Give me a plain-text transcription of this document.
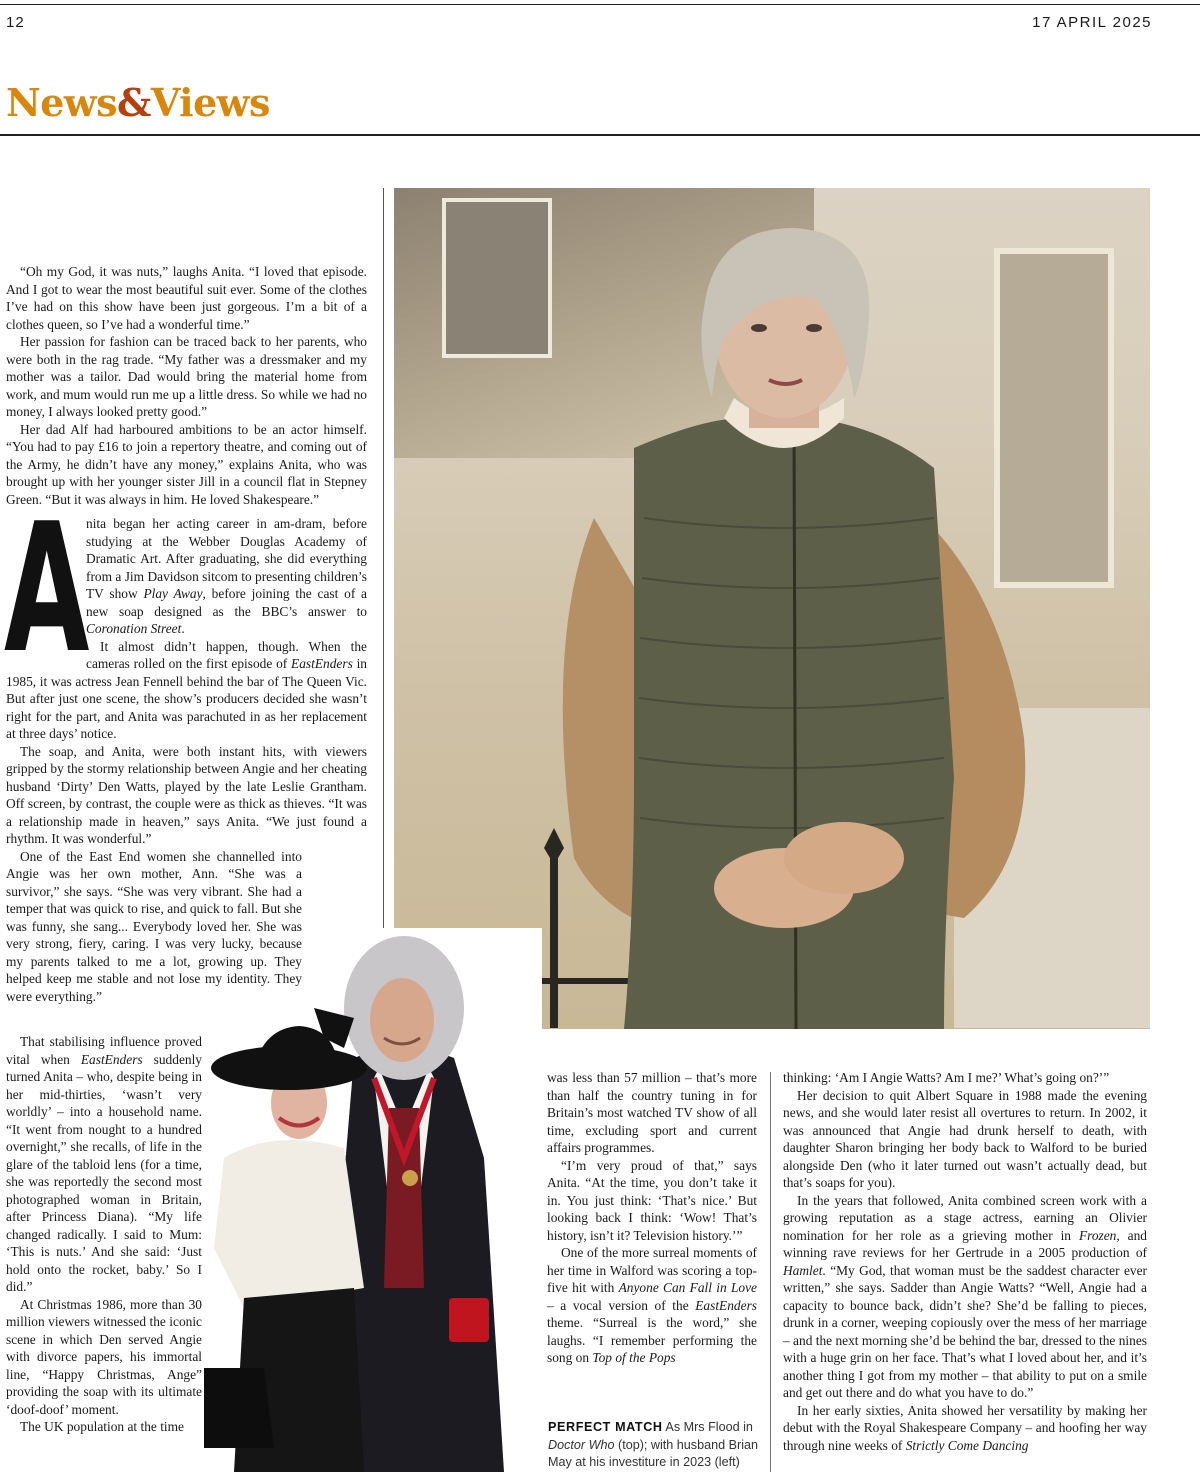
12	17 APRIL 2025
News&Views

“Oh my God, it was nuts,” laughs Anita. “I loved that episode. And I got to wear the most beautiful suit ever. Some of the clothes I’ve had on this show have been just gorgeous. I’m a bit of a clothes queen, so I’ve had a wonderful time.”

Her passion for fashion can be traced back to her parents, who were both in the rag trade. “My father was a dressmaker and my mother was a tailor. Dad would bring the material home from work, and mum would run me up a little dress. So while we had no money, I always looked pretty good.”

Her dad Alf had harboured ambitions to be an actor himself. “You had to pay £16 to join a repertory theatre, and coming out of the Army, he didn’t have any money,” explains Anita, who was brought up with her younger sister Jill in a council flat in Stepney Green. “But it was always in him. He loved Shakespeare.”

A
nita began her acting career in am-dram, before studying at the Webber Douglas Academy of Dramatic Art. After graduating, she did everything from a Jim Davidson sitcom to presenting children’s TV show Play Away, before joining the cast of a new soap designed as the BBC’s answer to Coronation Street.

It almost didn’t happen, though. When the cameras rolled on the first episode of EastEnders in 1985, it was actress Jean Fennell behind the bar of The Queen Vic. But after just one scene, the show’s producers decided she wasn’t right for the part, and Anita was parachuted in as her replacement at three days’ notice.

The soap, and Anita, were both instant hits, with viewers gripped by the stormy relationship between Angie and her cheating husband ‘Dirty’ Den Watts, played by the late Leslie Grantham. Off screen, by contrast, the couple were as thick as thieves. “It was a relationship made in heaven,” says Anita. “We just found a rhythm. It was wonderful.”

One of the East End women she channelled into Angie was her own mother, Ann. “She was a survivor,” she says. “She was very vibrant. She had a temper that was quick to rise, and quick to fall. But she was funny, she sang... Everybody loved her. She was very strong, fiery, caring. I was very lucky, because my parents talked to me a lot, growing up. They helped keep me stable and not lose my identity. They were everything.”

That stabilising influence proved vital when EastEnders suddenly turned Anita – who, despite being in her mid-thirties, ‘wasn’t very worldly’ – into a household name. “It went from nought to a hundred overnight,” she recalls, of life in the glare of the tabloid lens (for a time, she was reportedly the second most photographed woman in Britain, after Princess Diana). “My life changed radically. I said to Mum: ‘This is nuts.’ And she said: ‘Just hold onto the rocket, baby.’ So I did.”

At Christmas 1986, more than 30 million viewers witnessed the iconic scene in which Den served Angie with divorce papers, his immortal line, “Happy Christmas, Ange” providing the soap with its ultimate ‘doof-doof’ moment.

The UK population at the time

was less than 57 million – that’s more than half the country tuning in for Britain’s most watched TV show of all time, excluding sport and current affairs programmes.

“I’m very proud of that,” says Anita. “At the time, you don’t take it in. You just think: ‘That’s nice.’ But looking back I think: ‘Wow! That’s history, isn’t it? Television history.’”

One of the more surreal moments of her time in Walford was scoring a top-five hit with Anyone Can Fall in Love – a vocal version of the EastEnders theme. “Surreal is the word,” she laughs. “I remember performing the song on Top of the Pops

PERFECT MATCH As Mrs Flood in Doctor Who (top); with husband Brian May at his investiture in 2023 (left)

thinking: ‘Am I Angie Watts? Am I me?’ What’s going on?’”

Her decision to quit Albert Square in 1988 made the evening news, and she would later resist all overtures to return. In 2002, it was announced that Angie had drunk herself to death, with daughter Sharon bringing her body back to Walford to be buried alongside Den (who it later turned out wasn’t actually dead, but that’s soaps for you).

In the years that followed, Anita combined screen work with a growing reputation as a stage actress, earning an Olivier nomination for her role as a grieving mother in Frozen, and winning rave reviews for her Gertrude in a 2005 production of Hamlet. “My God, that woman must be the saddest character ever written,” she says. Sadder than Angie Watts? “Well, Angie had a capacity to bounce back, didn’t she? She’d be falling to pieces, drunk in a corner, weeping copiously over the mess of her marriage – and the next morning she’d be behind the bar, dressed to the nines with a huge grin on her face. That’s what I loved about her, and it’s another thing I got from my mother – that ability to put on a smile and get out there and do what you have to do.”

In her early sixties, Anita showed her versatility by making her debut with the Royal Shakespeare Company – and hoofing her way through nine weeks of Strictly Come Dancing
